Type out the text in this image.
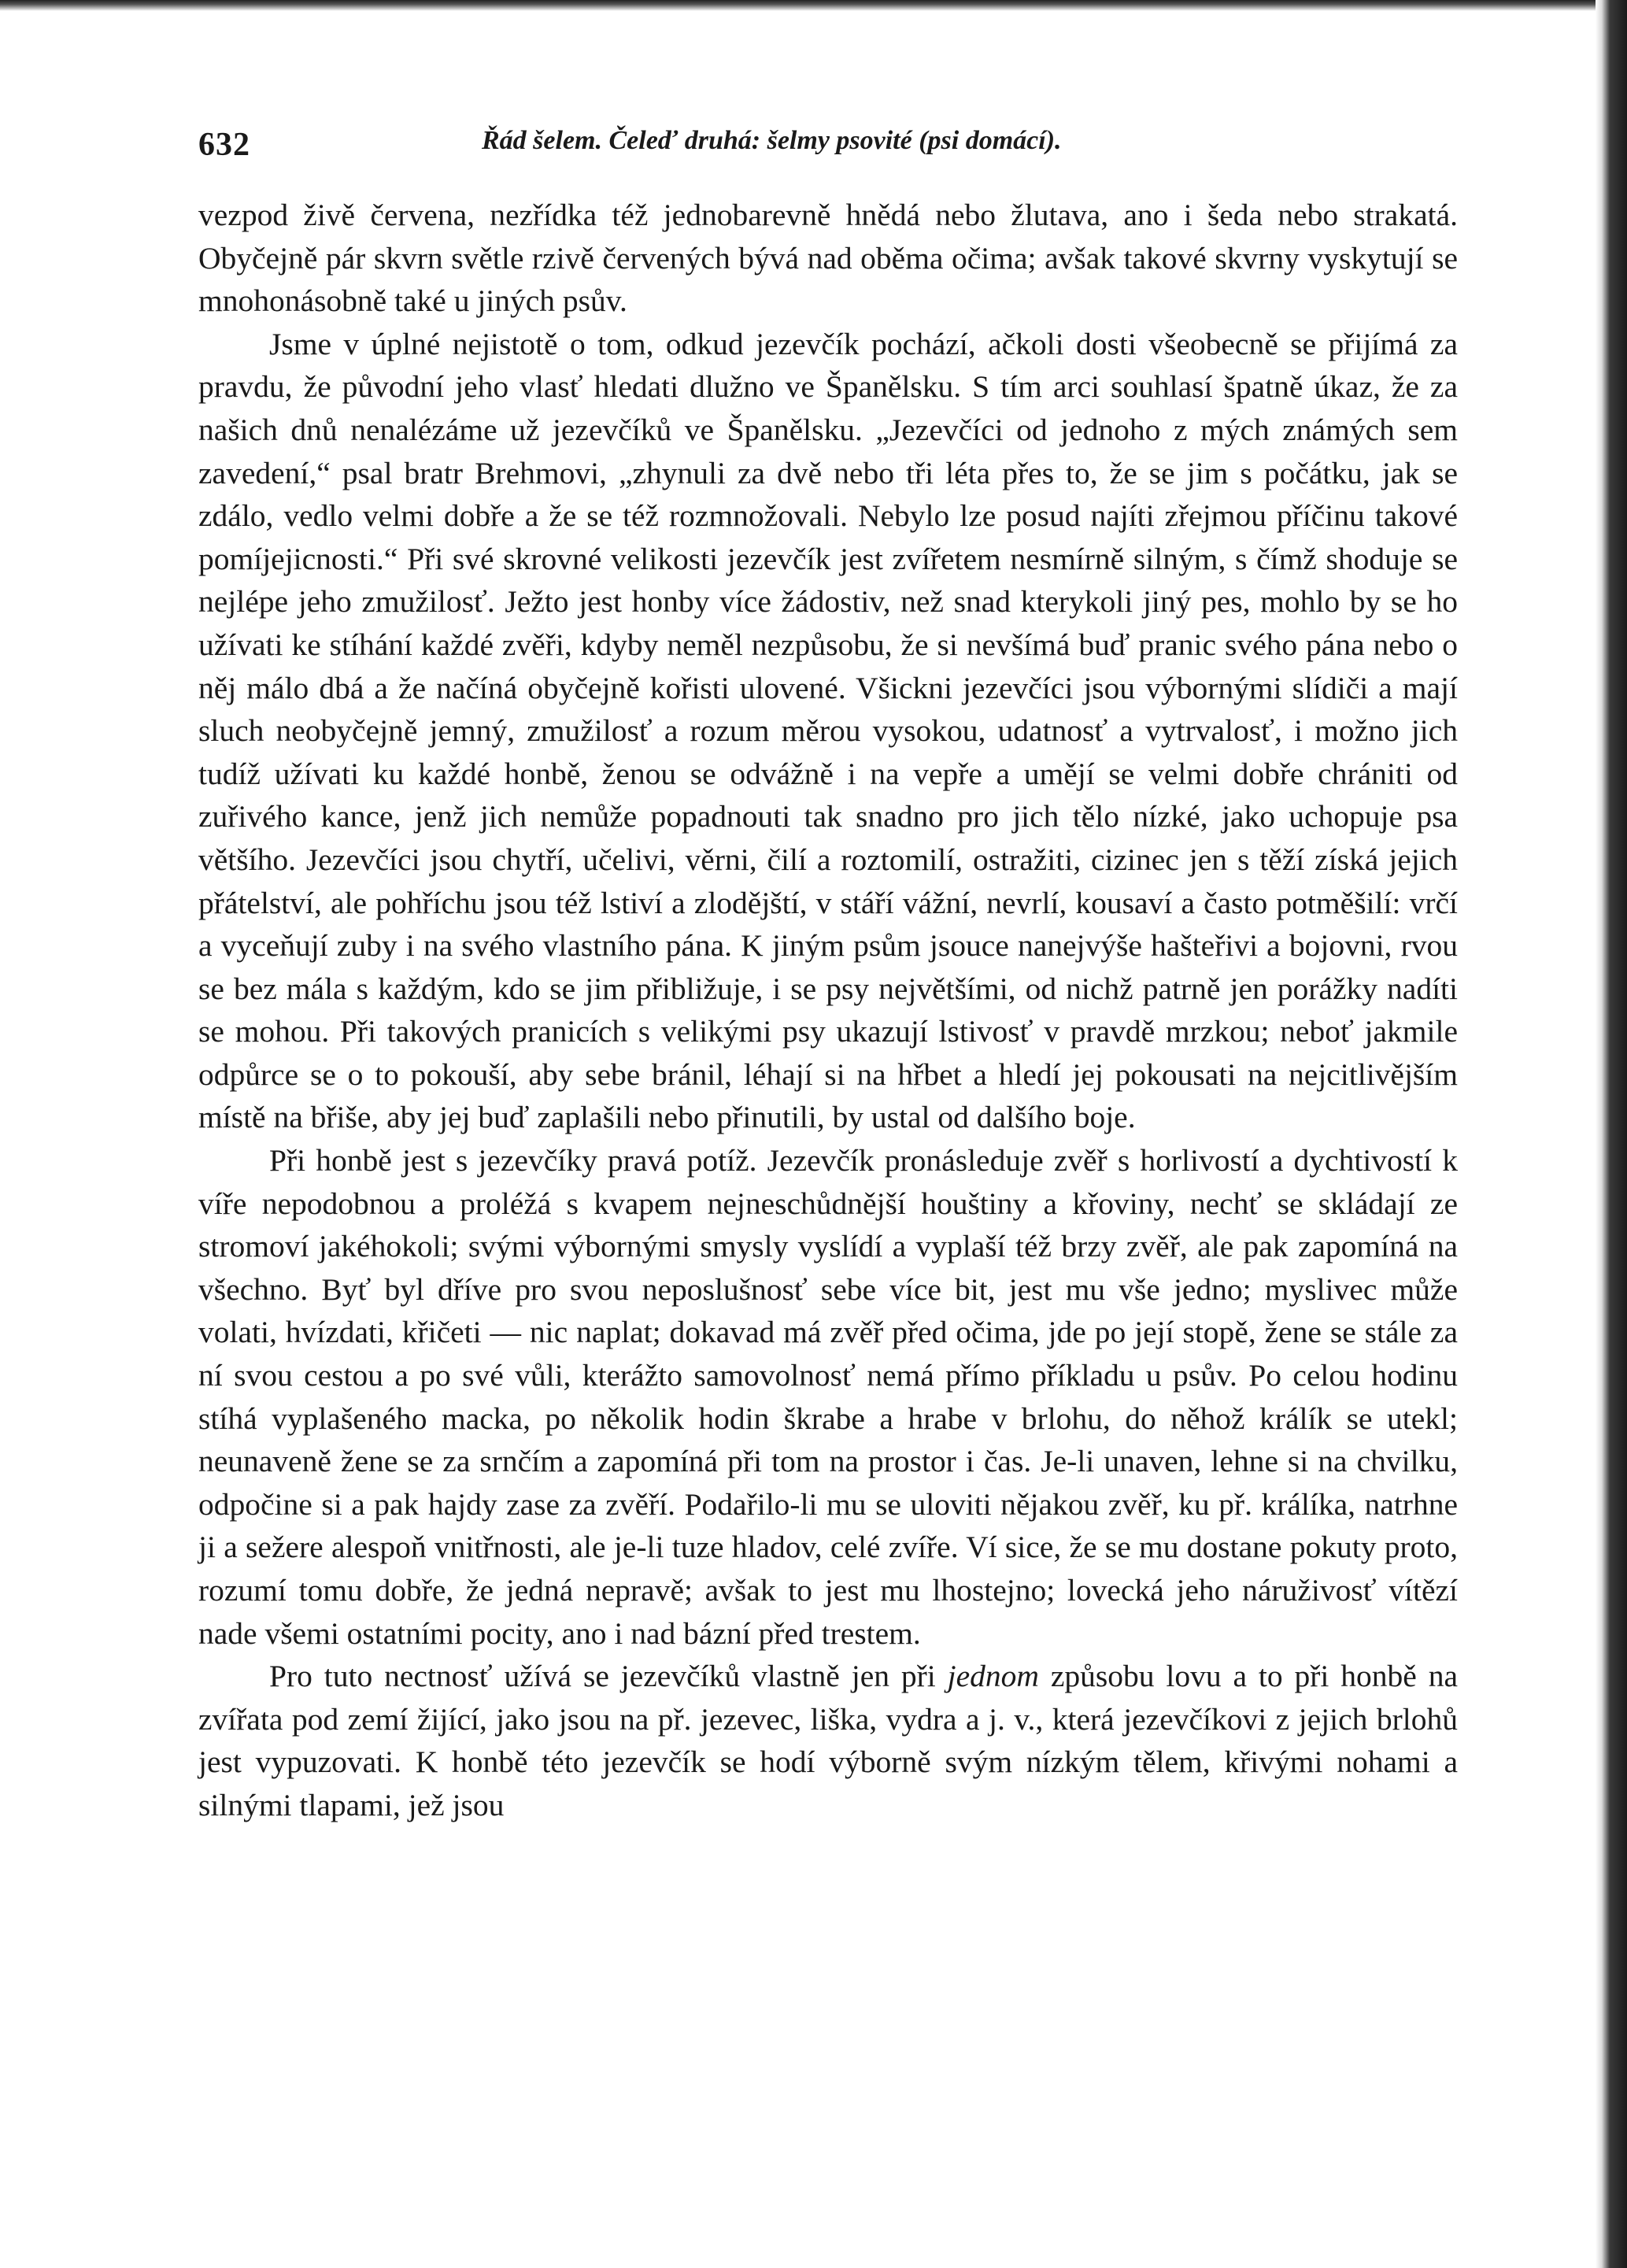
632	Řád šelem. Čeleď druhá: šelmy psovité (psi domácí).

vezpod živě červena, nezřídka též jednobarevně hnědá nebo žlutava, ano i šeda nebo strakatá. Obyčejně pár skvrn světle rzivě červených bývá nad oběma očima; avšak takové skvrny vyskytují se mnohonásobně také u jiných psův.

Jsme v úplné nejistotě o tom, odkud jezevčík pochází, ačkoli dosti všeobecně se přijímá za pravdu, že původní jeho vlasť hledati dlužno ve Španělsku. S tím arci souhlasí špatně úkaz, že za našich dnů nenalézáme už jezevčíků ve Španělsku. „Jezevčíci od jednoho z mých známých sem zavedení,“ psal bratr Brehmovi, „zhynuli za dvě nebo tři léta přes to, že se jim s počátku, jak se zdálo, vedlo velmi dobře a že se též rozmnožovali. Nebylo lze posud najíti zřejmou příčinu takové pomíjejicnosti.“ Při své skrovné velikosti jezevčík jest zvířetem nesmírně silným, s čímž shoduje se nejlépe jeho zmužilosť. Ježto jest honby více žádostiv, než snad kterykoli jiný pes, mohlo by se ho užívati ke stíhání každé zvěři, kdyby neměl nezpůsobu, že si nevšímá buď pranic svého pána nebo o něj málo dbá a že načíná obyčejně kořisti ulovené. Všickni jezevčíci jsou výbornými slídiči a mají sluch neobyčejně jemný, zmužilosť a rozum měrou vysokou, udatnosť a vytrvalosť, i možno jich tudíž užívati ku každé honbě, ženou se odvážně i na vepře a umějí se velmi dobře chrániti od zuřivého kance, jenž jich nemůže popadnouti tak snadno pro jich tělo nízké, jako uchopuje psa většího. Jezevčíci jsou chytří, učelivi, věrni, čilí a roztomilí, ostražiti, cizinec jen s těží získá jejich přátelství, ale pohříchu jsou též lstiví a zlodějští, v stáří vážní, nevrlí, kousaví a často potměšilí: vrčí a vyceňují zuby i na svého vlastního pána. K jiným psům jsouce nanejvýše hašteřivi a bojovni, rvou se bez mála s každým, kdo se jim přibližuje, i se psy největšími, od nichž patrně jen porážky nadíti se mohou. Při takových pranicích s velikými psy ukazují lstivosť v pravdě mrzkou; neboť jakmile odpůrce se o to pokouší, aby sebe bránil, léhají si na hřbet a hledí jej pokousati na nejcitlivějším místě na břiše, aby jej buď zaplašili nebo přinutili, by ustal od dalšího boje.

Při honbě jest s jezevčíky pravá potíž. Jezevčík pronásleduje zvěř s horlivostí a dychtivostí k víře nepodobnou a proléžá s kvapem nejneschůdnější houštiny a křoviny, nechť se skládají ze stromoví jakéhokoli; svými výbornými smysly vyslídí a vyplaší též brzy zvěř, ale pak zapomíná na všechno. Byť byl dříve pro svou neposlušnosť sebe více bit, jest mu vše jedno; myslivec může volati, hvízdati, křičeti — nic naplat; dokavad má zvěř před očima, jde po její stopě, žene se stále za ní svou cestou a po své vůli, kterážto samovolnosť nemá přímo příkladu u psův. Po celou hodinu stíhá vyplašeného macka, po několik hodin škrabe a hrabe v brlohu, do něhož králík se utekl; neunaveně žene se za srnčím a zapomíná při tom na prostor i čas. Je-li unaven, lehne si na chvilku, odpočine si a pak hajdy zase za zvěří. Podařilo-li mu se uloviti nějakou zvěř, ku př. králíka, natrhne ji a sežere alespoň vnitřnosti, ale je-li tuze hladov, celé zvíře. Ví sice, že se mu dostane pokuty proto, rozumí tomu dobře, že jedná nepravě; avšak to jest mu lhostejno; lovecká jeho náruživosť vítězí nade všemi ostatními pocity, ano i nad bázní před trestem.

Pro tuto nectnosť užívá se jezevčíků vlastně jen při jednom způsobu lovu a to při honbě na zvířata pod zemí žijící, jako jsou na př. jezevec, liška, vydra a j. v., která jezevčíkovi z jejich brlohů jest vypuzovati. K honbě této jezevčík se hodí výborně svým nízkým tělem, křivými nohami a silnými tlapami, jež jsou
